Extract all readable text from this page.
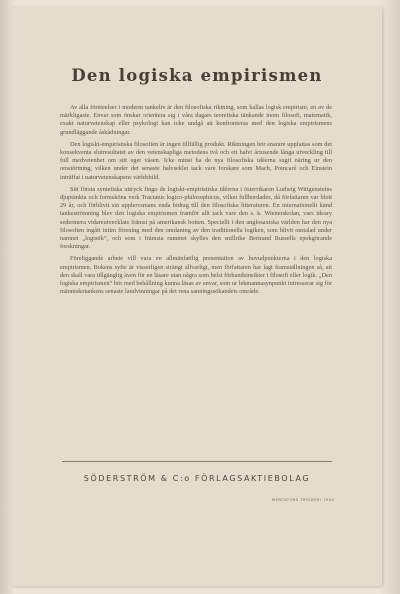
Den logiska empirismen

Av alla företeelser i modernt tankeliv är den filosofiska riktning, som kallas logisk empirism, en av de märkligaste. Envar som önskar orientera sig i våra dagars teoretiska tänkande inom filosofi, matematik, exakt naturvetenskap eller psykologi kan icke undgå att konfronteras med den logiska empirismens grundläggande åskådningar.

Den logiskt-empiristiska filosofien är ingen tillfällig produkt. Riktningen bör snarare uppfattas som det konsekventa slutresultatet av den vetenskapliga metodens två och ett halvt årtusende långa utveckling till full medvetenhet om sitt eget väsen. Icke minst ha de nya filosofiska idéerna sugit näring ur den omstörtning, vilken under det senaste halvseklet tack vare forskare som Mach, Poincaré och Einstein inträffat i naturvetenskapens världsbild.

Sitt första syntetiska uttryck fingo de logiskt-empiristiska idéerna i österrikaren Ludwig Wittgensteins djuptänkta och formsköna verk Tractatus logico-philosophicus, vilket fullbordades, då författaren var blott 29 år, och förblivit sin upphovsmans enda bidrag till den filosofiska litteraturen. En internationellt känd tankeströmning blev den logiska empirismen framför allt tack vare den s. k. Wienerskolan, vars ideary sedermera vidareutvecklats främst på amerikansk botten. Speciellt i den anglosaxiska världen har den nya filosofien ingått intim förening med den omdaning av den traditionella logiken, som blivit omtalad under namnet „logistik“, och som i främsta rummet skylles den snillrike Bertrand Russells epokgörande forskningar.

Föreliggande arbete vill vara en allmänfattlig presentation av huvudpunkterna i den logiska empirismen. Bokens syfte är visserligen strängt allvarligt, men författaren har lagt framställningen så, att den skall vara tillgänglig även för en läsare utan några som helst förhandsinsikter i filosofi eller logik. „Den logiska empirismen“ bör med behållning kunna läsas av envar, som ur lekmannasynpunkt intresserar sig för människotankens senaste landvinningar på det rena sanningssökandets område.

SÖDERSTRÖM & C:o FÖRLAGSAKTIEBOLAG
MERCATORS TRYCKERI 1944
